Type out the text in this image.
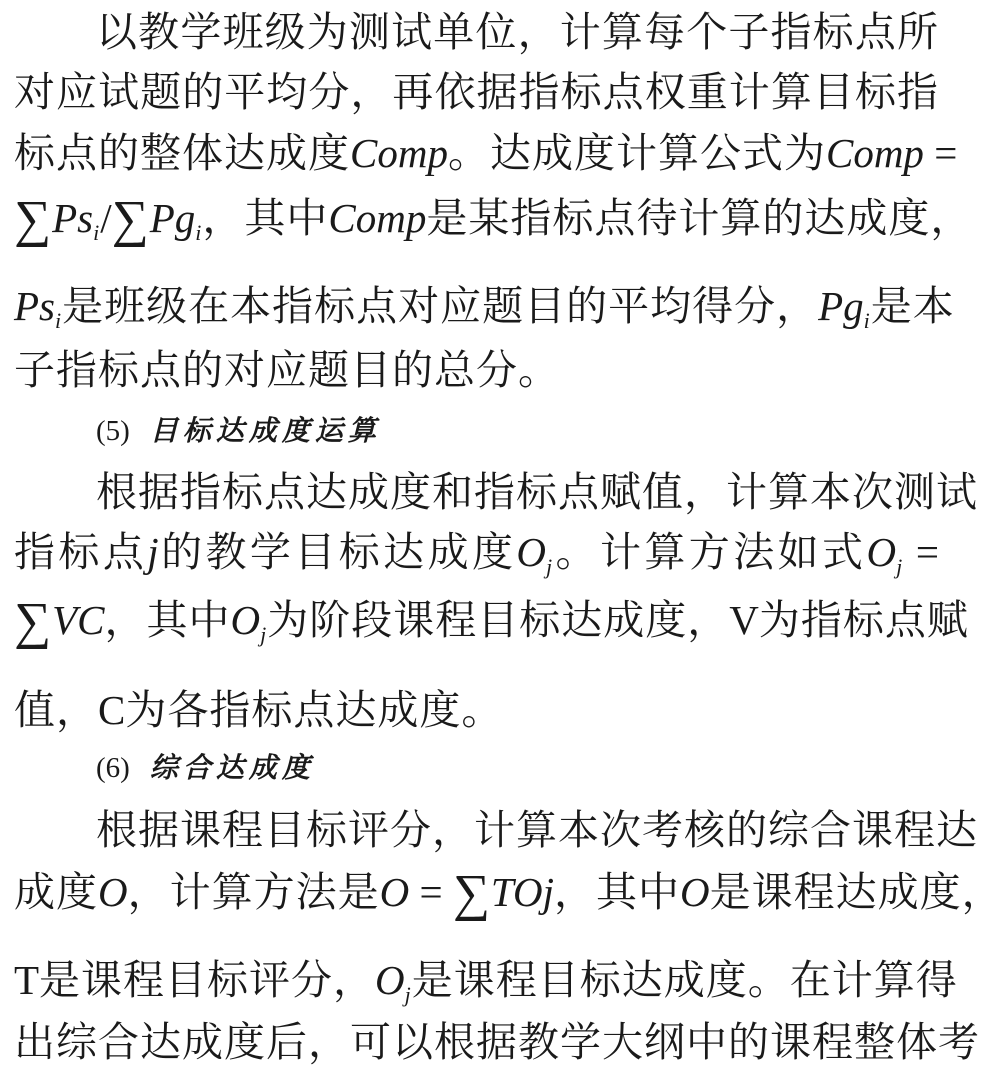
以教学班级为测试单位，计算每个子指标点所
对应试题的平均分，再依据指标点权重计算目标指
标点的整体达成度Comp。达成度计算公式为Comp =
$\sum Ps_i/\sum Pg_i$，其中Comp是某指标点待计算的达成度，
$Ps_i$是班级在本指标点对应题目的平均得分，$Pg_i$是本
子指标点的对应题目的总分。
(5) 目标达成度运算
根据指标点达成度和指标点赋值，计算本次测试
指标点j的教学目标达成度$O_j$。计算方法如式$O_j$ =
∑VC，其中$O_j$为阶段课程目标达成度，V为指标点赋
值，C为各指标点达成度。
(6) 综合达成度
根据课程目标评分，计算本次考核的综合课程达
成度O，计算方法是O = ∑TOj，其中O是课程达成度，
T是课程目标评分，$O_j$是课程目标达成度。在计算得
出综合达成度后，可以根据教学大纲中的课程整体考
